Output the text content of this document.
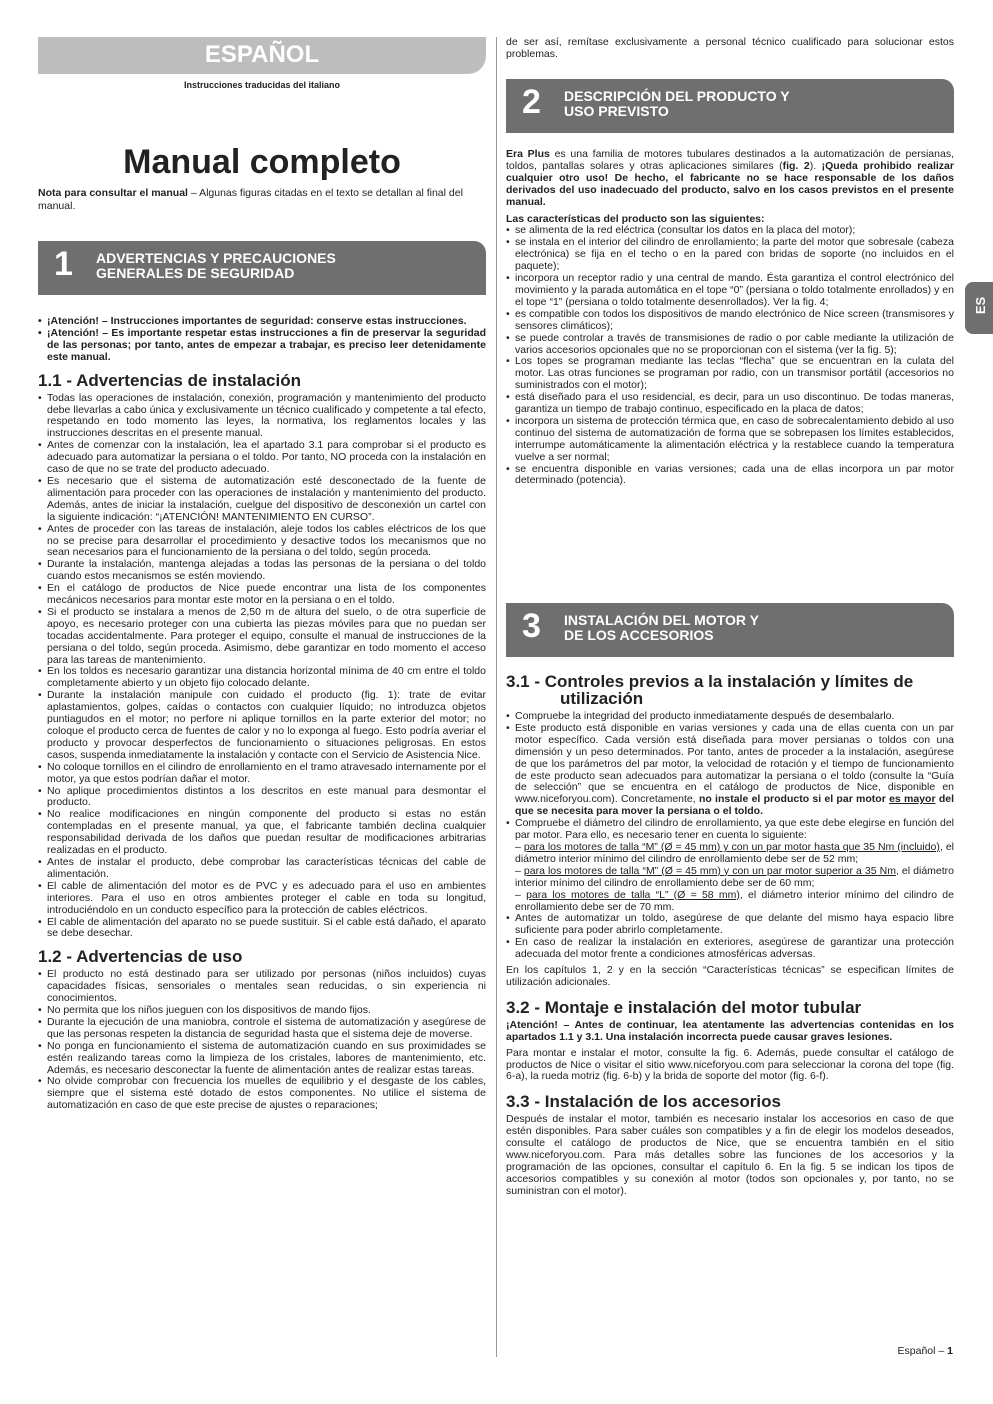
ESPAÑOL
Instrucciones traducidas del italiano
Manual completo
Nota para consultar el manual – Algunas figuras citadas en el texto se detallan al final del manual.
1 ADVERTENCIAS Y PRECAUCIONES
GENERALES DE SEGURIDAD
• ¡Atención! – Instrucciones importantes de seguridad: conserve estas instrucciones.
• ¡Atención! – Es importante respetar estas instrucciones a fin de preservar la seguridad de las personas; por tanto, antes de empezar a trabajar, es preciso leer detenidamente este manual.
1.1 - Advertencias de instalación
• Todas las operaciones de instalación, conexión, programación y mantenimiento del producto debe llevarlas a cabo única y exclusivamente un técnico cualificado y competente a tal efecto, respetando en todo momento las leyes, la normativa, los reglamentos locales y las instrucciones descritas en el presente manual.
• Antes de comenzar con la instalación, lea el apartado 3.1 para comprobar si el producto es adecuado para automatizar la persiana o el toldo. Por tanto, NO proceda con la instalación en caso de que no se trate del producto adecuado.
• Es necesario que el sistema de automatización esté desconectado de la fuente de alimentación para proceder con las operaciones de instalación y mantenimiento del producto. Además, antes de iniciar la instalación, cuelgue del dispositivo de desconexión un cartel con la siguiente indicación: “¡ATENCIÓN! MANTENIMIENTO EN CURSO”.
• Antes de proceder con las tareas de instalación, aleje todos los cables eléctricos de los que no se precise para desarrollar el procedimiento y desactive todos los mecanismos que no sean necesarios para el funcionamiento de la persiana o del toldo, según proceda.
• Durante la instalación, mantenga alejadas a todas las personas de la persiana o del toldo cuando estos mecanismos se estén moviendo.
• En el catálogo de productos de Nice puede encontrar una lista de los componentes mecánicos necesarios para montar este motor en la persiana o en el toldo.
• Si el producto se instalara a menos de 2,50 m de altura del suelo, o de otra superficie de apoyo, es necesario proteger con una cubierta las piezas móviles para que no puedan ser tocadas accidentalmente. Para proteger el equipo, consulte el manual de instrucciones de la persiana o del toldo, según proceda. Asimismo, debe garantizar en todo momento el acceso para las tareas de mantenimiento.
• En los toldos es necesario garantizar una distancia horizontal mínima de 40 cm entre el toldo completamente abierto y un objeto fijo colocado delante.
• Durante la instalación manipule con cuidado el producto (fig. 1): trate de evitar aplastamientos, golpes, caídas o contactos con cualquier líquido; no introduzca objetos puntiagudos en el motor; no perfore ni aplique tornillos en la parte exterior del motor; no coloque el producto cerca de fuentes de calor y no lo exponga al fuego. Esto podría averiar el producto y provocar desperfectos de funcionamiento o situaciones peligrosas. En estos casos, suspenda inmediatamente la instalación y contacte con el Servicio de Asistencia Nice.
• No coloque tornillos en el cilindro de enrollamiento en el tramo atravesado internamente por el motor, ya que estos podrían dañar el motor.
• No aplique procedimientos distintos a los descritos en este manual para desmontar el producto.
• No realice modificaciones en ningún componente del producto si estas no están contempladas en el presente manual, ya que, el fabricante también declina cualquier responsabilidad derivada de los daños que puedan resultar de modificaciones arbitrarias realizadas en el producto.
• Antes de instalar el producto, debe comprobar las características técnicas del cable de alimentación.
• El cable de alimentación del motor es de PVC y es adecuado para el uso en ambientes interiores. Para el uso en otros ambientes proteger el cable en toda su longitud, introduciéndolo en un conducto específico para la protección de cables eléctricos.
• El cable de alimentación del aparato no se puede sustituir. Si el cable está dañado, el aparato se debe desechar.
1.2 - Advertencias de uso
• El producto no está destinado para ser utilizado por personas (niños incluidos) cuyas capacidades físicas, sensoriales o mentales sean reducidas, o sin experiencia ni conocimientos.
• No permita que los niños jueguen con los dispositivos de mando fijos.
• Durante la ejecución de una maniobra, controle el sistema de automatización y asegúrese de que las personas respeten la distancia de seguridad hasta que el sistema deje de moverse.
• No ponga en funcionamiento el sistema de automatización cuando en sus proximidades se estén realizando tareas como la limpieza de los cristales, labores de mantenimiento, etc. Además, es necesario desconectar la fuente de alimentación antes de realizar estas tareas.
• No olvide comprobar con frecuencia los muelles de equilibrio y el desgaste de los cables, siempre que el sistema esté dotado de estos componentes. No utilice el sistema de automatización en caso de que este precise de ajustes o reparaciones;

de ser así, remítase exclusivamente a personal técnico cualificado para solucionar estos problemas.

2 DESCRIPCIÓN DEL PRODUCTO Y
USO PREVISTO

Era Plus es una familia de motores tubulares destinados a la automatización de persianas, toldos, pantallas solares y otras aplicaciones similares (fig. 2). ¡Queda prohibido realizar cualquier otro uso! De hecho, el fabricante no se hace responsable de los daños derivados del uso inadecuado del producto, salvo en los casos previstos en el presente manual.

Las características del producto son las siguientes:

• se alimenta de la red eléctrica (consultar los datos en la placa del motor);
• se instala en el interior del cilindro de enrollamiento; la parte del motor que sobresale (cabeza electrónica) se fija en el techo o en la pared con bridas de soporte (no incluidos en el paquete);
• incorpora un receptor radio y una central de mando. Ésta garantiza el control electrónico del movimiento y la parada automática en el tope “0” (persiana o toldo totalmente enrollados) y en el tope “1” (persiana o toldo totalmente desenrollados). Ver la fig. 4;
• es compatible con todos los dispositivos de mando electrónico de Nice screen (transmisores y sensores climáticos);
• se puede controlar a través de transmisiones de radio o por cable mediante la utilización de varios accesorios opcionales que no se proporcionan con el sistema (ver la fig. 5);
• Los topes se programan mediante las teclas “flecha” que se encuentran en la culata del motor. Las otras funciones se programan por radio, con un transmisor portátil (accesorios no suministrados con el motor);
• está diseñado para el uso residencial, es decir, para un uso discontinuo. De todas maneras, garantiza un tiempo de trabajo continuo, especificado en la placa de datos;
• incorpora un sistema de protección térmica que, en caso de sobrecalentamiento debido al uso continuo del sistema de automatización de forma que se sobrepasen los límites establecidos, interrumpe automáticamente la alimentación eléctrica y la restablece cuando la temperatura vuelve a ser normal;
• se encuentra disponible en varias versiones; cada una de ellas incorpora un par motor determinado (potencia).
3 INSTALACIÓN DEL MOTOR Y
DE LOS ACCESORIOS
3.1 - Controles previos a la instalación y límites de
utilización
• Compruebe la integridad del producto inmediatamente después de desembalarlo.
• Este producto está disponible en varias versiones y cada una de ellas cuenta con un par motor específico. Cada versión está diseñada para mover persianas o toldos con una dimensión y un peso determinados. Por tanto, antes de proceder a la instalación, asegúrese de que los parámetros del par motor, la velocidad de rotación y el tiempo de funcionamiento de este producto sean adecuados para automatizar la persiana o el toldo (consulte la “Guía de selección” que se encuentra en el catálogo de productos de Nice, disponible en www.niceforyou.com). Concretamente, no instale el producto si el par motor es mayor del que se necesita para mover la persiana o el toldo.
• Compruebe el diámetro del cilindro de enrollamiento, ya que este debe elegirse en función del par motor. Para ello, es necesario tener en cuenta lo siguiente:
– para los motores de talla “M” (Ø = 45 mm) y con un par motor hasta que 35 Nm (incluido), el diámetro interior mínimo del cilindro de enrollamiento debe ser de 52 mm;
– para los motores de talla “M” (Ø = 45 mm) y con un par motor superior a 35 Nm, el diámetro interior mínimo del cilindro de enrollamiento debe ser de 60 mm;
– para los motores de talla “L” (Ø = 58 mm), el diámetro interior mínimo del cilindro de enrollamiento debe ser de 70 mm.
• Antes de automatizar un toldo, asegúrese de que delante del mismo haya espacio libre suficiente para poder abrirlo completamente.
• En caso de realizar la instalación en exteriores, asegúrese de garantizar una protección adecuada del motor frente a condiciones atmosféricas adversas.

En los capítulos 1, 2 y en la sección “Características técnicas” se especifican límites de utilización adicionales.

3.2 - Montaje e instalación del motor tubular

¡Atención! – Antes de continuar, lea atentamente las advertencias contenidas en los apartados 1.1 y 3.1. Una instalación incorrecta puede causar graves lesiones.

Para montar e instalar el motor, consulte la fig. 6. Además, puede consultar el catálogo de productos de Nice o visitar el sitio www.niceforyou.com para seleccionar la corona del tope (fig. 6-a), la rueda motriz (fig. 6-b) y la brida de soporte del motor (fig. 6-f).

3.3 - Instalación de los accesorios

Después de instalar el motor, también es necesario instalar los accesorios en caso de que estén disponibles. Para saber cuáles son compatibles y a fin de elegir los modelos deseados, consulte el catálogo de productos de Nice, que se encuentra también en el sitio www.niceforyou.com. Para más detalles sobre las funciones de los accesorios y la programación de las opciones, consultar el capítulo 6. En la fig. 5 se indican los tipos de accesorios compatibles y su conexión al motor (todos son opcionales y, por tanto, no se suministran con el motor).

ES
Español – 1
